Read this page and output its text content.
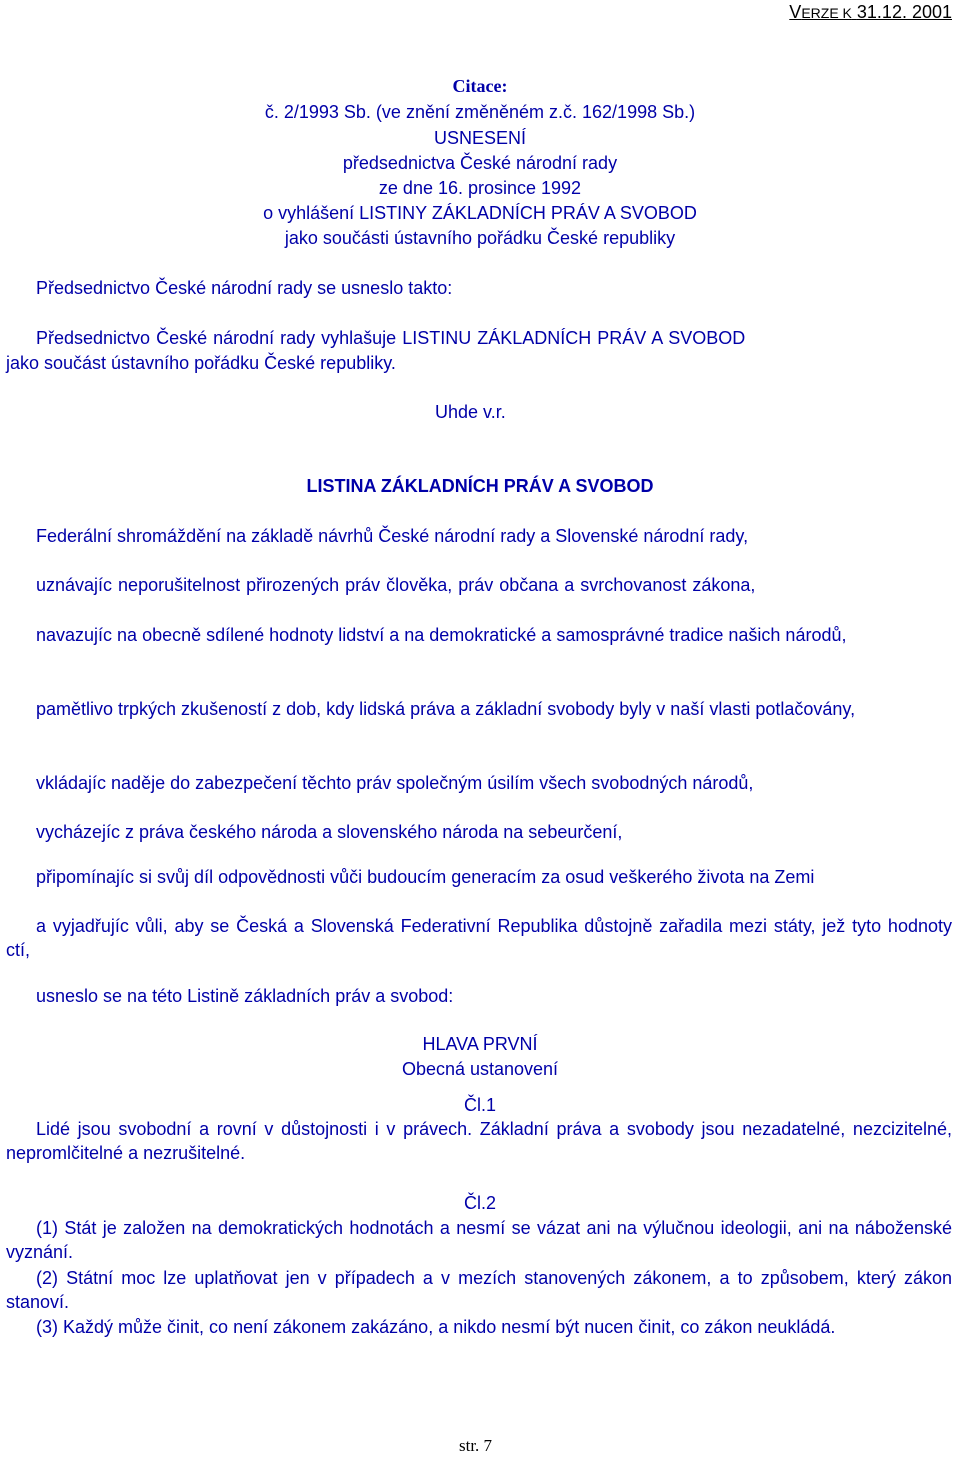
VERZE K 31.12. 2001
Citace:
č. 2/1993 Sb. (ve znění změněném z.č. 162/1998 Sb.)
USNESENÍ
předsednictva České národní rady
ze dne 16. prosince 1992
o vyhlášení LISTINY ZÁKLADNÍCH PRÁV A SVOBOD
jako součásti ústavního pořádku České republiky
Předsednictvo České národní rady se usneslo takto:
Předsednictvo České národní rady vyhlašuje LISTINU ZÁKLADNÍCH PRÁV A SVOBOD
jako součást ústavního pořádku České republiky.
Uhde v.r.
LISTINA ZÁKLADNÍCH PRÁV A SVOBOD
Federální shromáždění na základě návrhů České národní rady a Slovenské národní rady,
uznávajíc neporušitelnost přirozených práv člověka, práv občana a svrchovanost zákona,
navazujíc na obecně sdílené hodnoty lidství a na demokratické a samosprávné tradice našich národů,
pamětlivo trpkých zkušeností z dob, kdy lidská práva a základní svobody byly v naší vlasti potlačovány,
vkládajíc naděje do zabezpečení těchto práv společným úsilím všech svobodných národů,
vycházejíc z práva českého národa a slovenského národa na sebeurčení,
připomínajíc si svůj díl odpovědnosti vůči budoucím generacím za osud veškerého života na Zemi
a vyjadřujíc vůli, aby se Česká a Slovenská Federativní Republika důstojně zařadila mezi státy, jež tyto hodnoty ctí,
usneslo se na této Listině základních práv a svobod:
HLAVA PRVNÍ
Obecná ustanovení
Čl.1
Lidé jsou svobodní a rovní v důstojnosti i v právech. Základní práva a svobody jsou nezadatelné, nezcizitelné, nepromlčitelné a nezrušitelné.
Čl.2
(1) Stát je založen na demokratických hodnotách a nesmí se vázat ani na výlučnou ideologii, ani na náboženské vyznání.
(2) Státní moc lze uplatňovat jen v případech a v mezích stanovených zákonem, a to způsobem, který zákon stanoví.
(3) Každý může činit, co není zákonem zakázáno, a nikdo nesmí být nucen činit, co zákon neukládá.
str. 7
